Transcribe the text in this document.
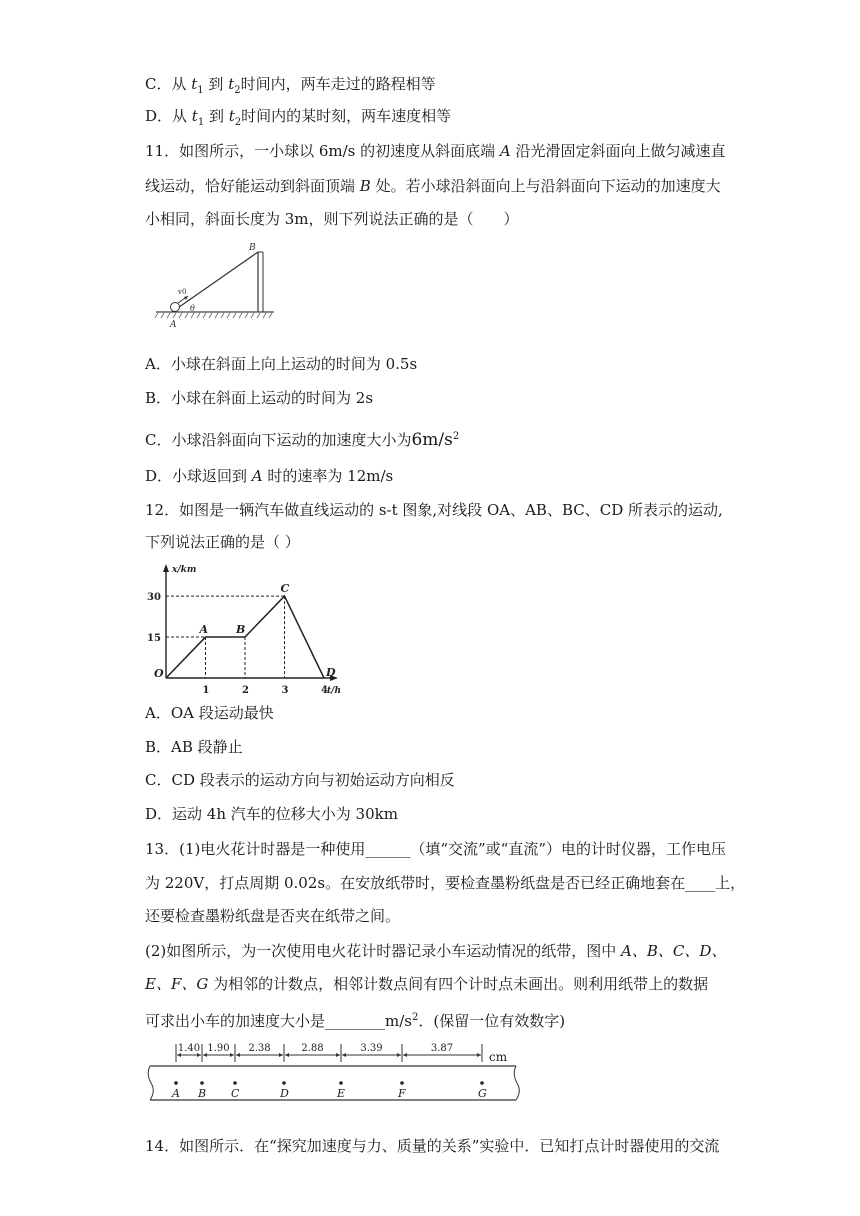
C．从 $t_1$ 到 $t_2$时间内，两车走过的路程相等
D．从 $t_1$ 到 $t_2$时间内的某时刻，两车速度相等
11．如图所示，一小球以 6m/s 的初速度从斜面底端 A 沿光滑固定斜面向上做匀减速直
线运动，恰好能运动到斜面顶端 B 处。若小球沿斜面向上与沿斜面向下运动的加速度大
小相同，斜面长度为 3m，则下列说法正确的是（　　）
v0
θ
B
A
A．小球在斜面上向上运动的时间为 0.5s
B．小球在斜面上运动的时间为 2s
C．小球沿斜面向下运动的加速度大小为$6m/s^2$
D．小球返回到 A 时的速率为 12m/s
12．如图是一辆汽车做直线运动的 s-t 图象,对线段 OA、AB、BC、CD 所表示的运动,
下列说法正确的是（ ）
1	2	3	4
15
30
A	B
C
D
O
x/km
t/h
A．OA 段运动最快
B．AB 段静止
C．CD 段表示的运动方向与初始运动方向相反
D．运动 4h 汽车的位移大小为 30km
13．(1)电火花计时器是一种使用______（填“交流”或“直流”）电的计时仪器，工作电压
为 220V，打点周期 0.02s。在安放纸带时，要检查墨粉纸盘是否已经正确地套在____上，
还要检查墨粉纸盘是否夹在纸带之间。
(2)如图所示，为一次使用电火花计时器记录小车运动情况的纸带，图中 A、B、C、D、
E、F、G 为相邻的计数点，相邻计数点间有四个计时点未画出。则利用纸带上的数据
可求出小车的加速度大小是$\_\_\_\_\_\_\_\_m/s^2$．(保留一位有效数字)
1.40 1.90 2.38	2.88	3.39	3.87
A B C	D	E	F	G
cm
14．如图所示．在“探究加速度与力、质量的关系”实验中．已知打点计时器使用的交流
